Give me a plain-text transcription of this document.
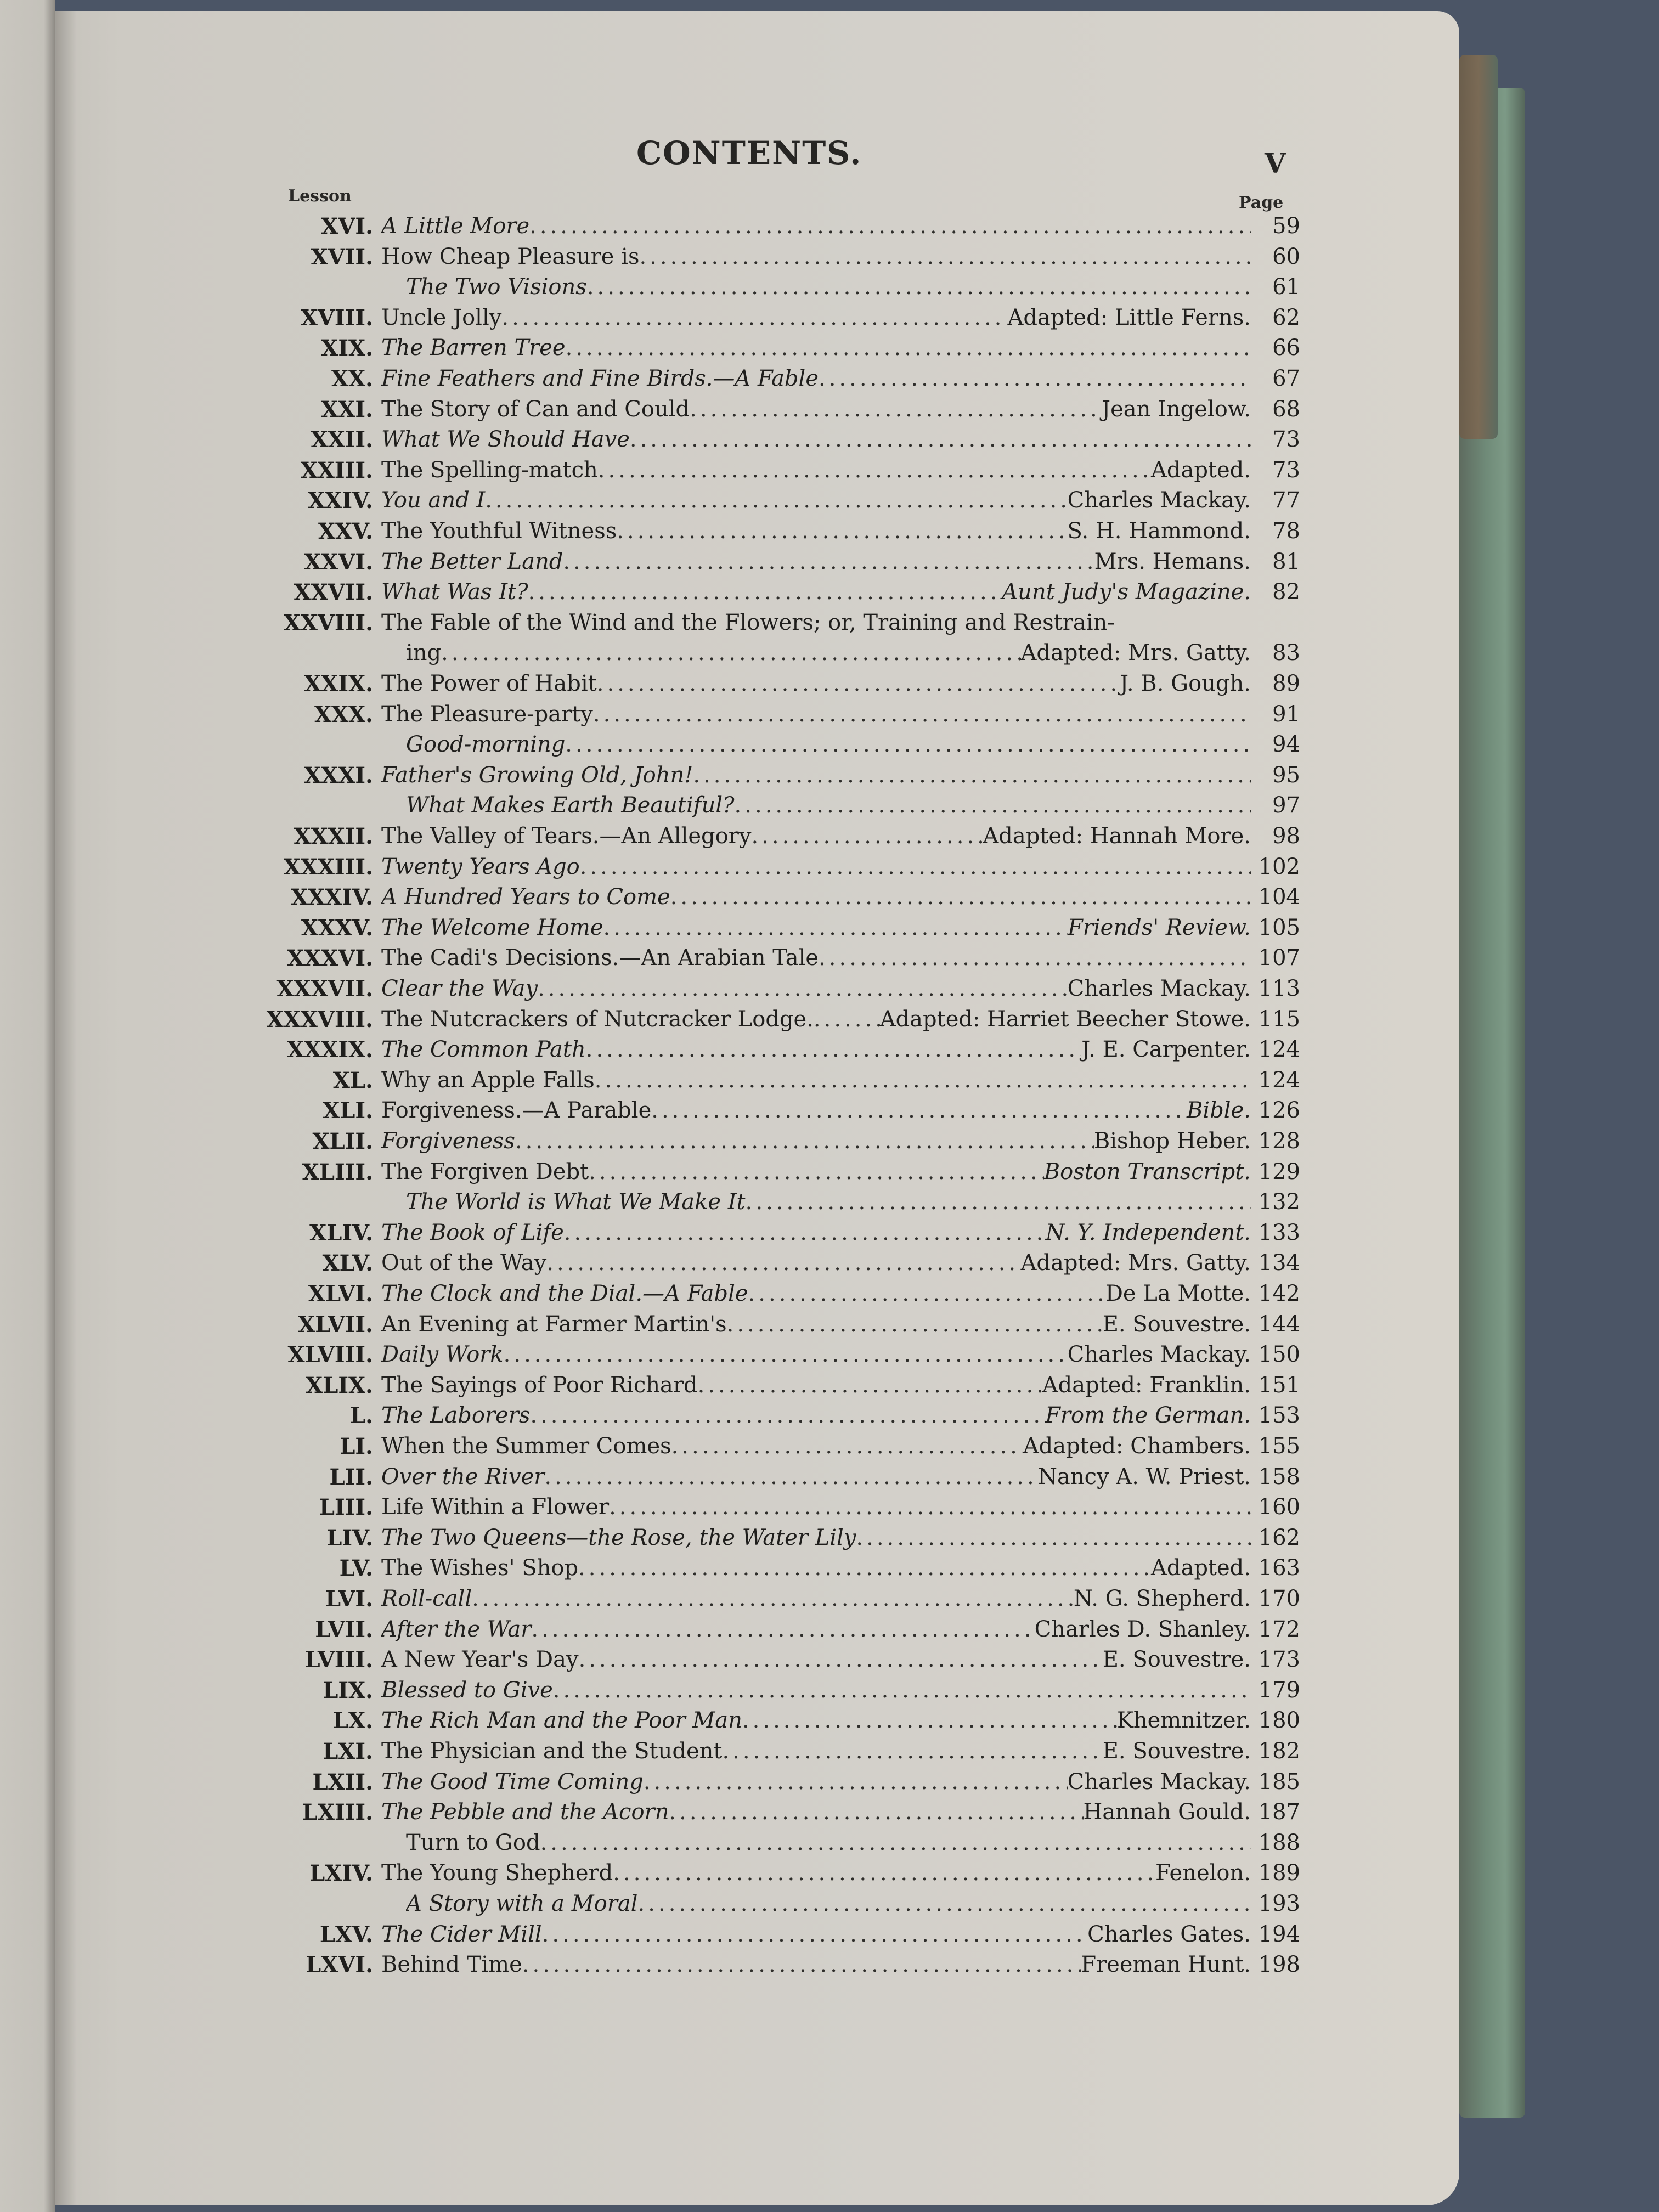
CONTENTS.	V
Lesson	Page
XVI. A Little More .....	59
XVII. How Cheap Pleasure is .....	60
The Two Visions .....	61
XVIII. Uncle Jolly .....	Adapted: Little Ferns. 62
XIX. The Barren Tree .....	66
XX. Fine Feathers and Fine Birds.—A Fable .....	67
XXI. The Story of Can and Could .....	Jean Ingelow. 68
XXII. What We Should Have .....	73
XXIII. The Spelling-match .....	Adapted. 73
XXIV. You and I .....	Charles Mackay. 77
XXV. The Youthful Witness .....	S. H. Hammond. 78
XXVI. The Better Land .....	Mrs. Hemans. 81
XXVII. What Was It? .....	Aunt Judy's Magazine. 82
XXVIII. The Fable of the Wind and the Flowers; or, Training and Restrain-
ing .....	Adapted: Mrs. Gatty. 83
XXIX. The Power of Habit .....	J. B. Gough. 89
XXX. The Pleasure-party .....	91
Good-morning .....	94
XXXI. Father's Growing Old, John! .....	95
What Makes Earth Beautiful? .....	97
XXXII. The Valley of Tears.—An Allegory .....	Adapted: Hannah More. 98
XXXIII. Twenty Years Ago .....	102
XXXIV. A Hundred Years to Come .....	104
XXXV. The Welcome Home .....	Friends' Review. 105
XXXVI. The Cadi's Decisions.—An Arabian Tale .....	107
XXXVII. Clear the Way .....	Charles Mackay. 113
XXXVIII. The Nutcrackers of Nutcracker Lodge. .....	Adapted: Harriet Beecher Stowe. 115
XXXIX. The Common Path .....	J. E. Carpenter. 124
XL. Why an Apple Falls .....	124
XLI. Forgiveness.—A Parable .....	Bible. 126
XLII. Forgiveness .....	Bishop Heber. 128
XLIII. The Forgiven Debt .....	Boston Transcript. 129
The World is What We Make It .....	132
XLIV. The Book of Life .....	N. Y. Independent. 133
XLV. Out of the Way .....	Adapted: Mrs. Gatty. 134
XLVI. The Clock and the Dial.—A Fable .....	De La Motte. 142
XLVII. An Evening at Farmer Martin's .....	E. Souvestre. 144
XLVIII. Daily Work .....	Charles Mackay. 150
XLIX. The Sayings of Poor Richard .....	Adapted: Franklin. 151
L. The Laborers .....	From the German. 153
LI. When the Summer Comes .....	Adapted: Chambers. 155
LII. Over the River .....	Nancy A. W. Priest. 158
LIII. Life Within a Flower .....	160
LIV. The Two Queens—the Rose, the Water Lily .....	162
LV. The Wishes' Shop .....	Adapted. 163
LVI. Roll-call .....	N. G. Shepherd. 170
LVII. After the War .....	Charles D. Shanley. 172
LVIII. A New Year's Day .....	E. Souvestre. 173
LIX. Blessed to Give .....	179
LX. The Rich Man and the Poor Man .....	Khemnitzer. 180
LXI. The Physician and the Student .....	E. Souvestre. 182
LXII. The Good Time Coming .....	Charles Mackay. 185
LXIII. The Pebble and the Acorn .....	Hannah Gould. 187
Turn to God .....	188
LXIV. The Young Shepherd .....	Fenelon. 189
A Story with a Moral .....	193
LXV. The Cider Mill .....	Charles Gates. 194
LXVI. Behind Time .....	Freeman Hunt. 198
